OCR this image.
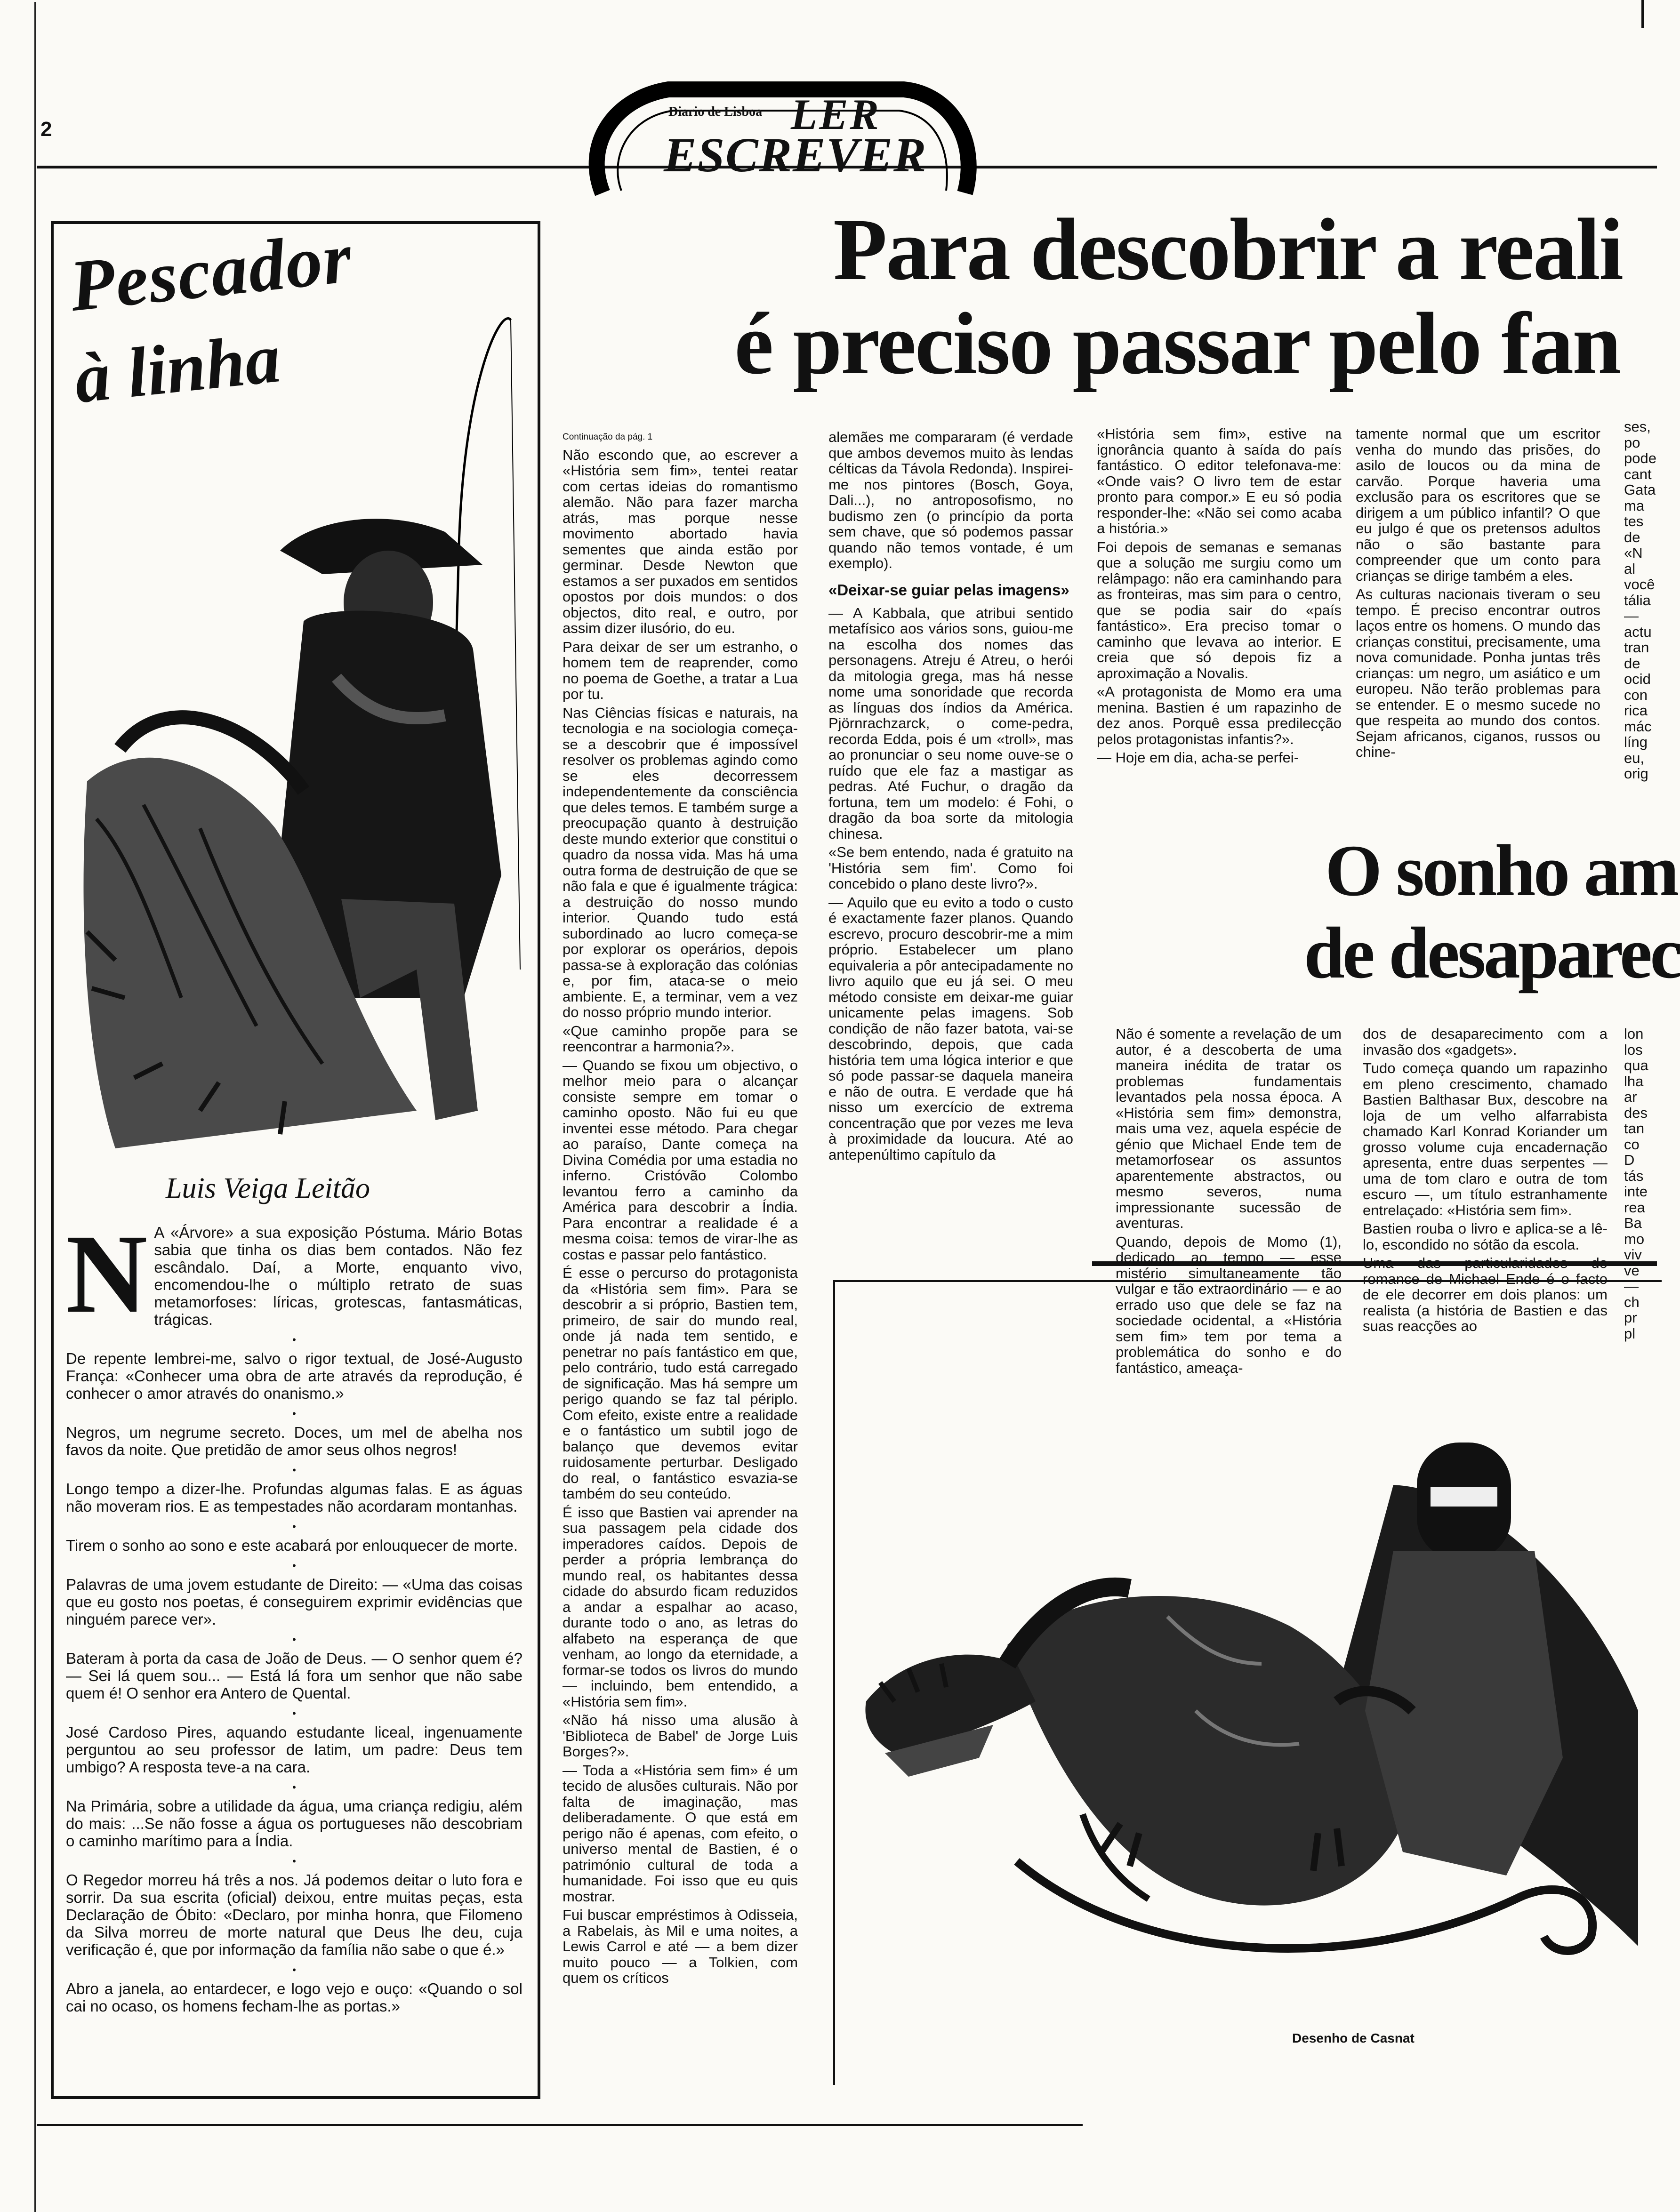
2
Diario de Lisboa LER
ESCREVER
Pescador
à linha
Luis Veiga Leitão
N A «Árvore» a sua exposição Póstuma. Mário Botas sabia que tinha os dias bem contados. Não fez escândalo. Daí, a Morte, enquanto vivo, encomendou-lhe o múltiplo retrato de suas metamorfoses: líricas, grotescas, fantasmáticas, trágicas.

•

De repente lembrei-me, salvo o rigor textual, de José-Augusto França: «Conhecer uma obra de arte através da reprodução, é conhecer o amor através do onanismo.»

•

Negros, um negrume secreto. Doces, um mel de abelha nos favos da noite. Que pretidão de amor seus olhos negros!

•

Longo tempo a dizer-lhe. Profundas algumas falas. E as águas não moveram rios. E as tempestades não acordaram montanhas.

•

Tirem o sonho ao sono e este acabará por enlouquecer de morte.

•

Palavras de uma jovem estudante de Direito: — «Uma das coisas que eu gosto nos poetas, é conseguirem exprimir evidências que ninguém parece ver».

•

Bateram à porta da casa de João de Deus. — O senhor quem é? — Sei lá quem sou... — Está lá fora um senhor que não sabe quem é! O senhor era Antero de Quental.

•

José Cardoso Pires, aquando estudante liceal, ingenuamente perguntou ao seu professor de latim, um padre: Deus tem umbigo? A resposta teve-a na cara.

•

Na Primária, sobre a utilidade da água, uma criança redigiu, além do mais: ...Se não fosse a água os portugueses não descobriam o caminho marítimo para a Índia.

•

O Regedor morreu há três a nos. Já podemos deitar o luto fora e sorrir. Da sua escrita (oficial) deixou, entre muitas peças, esta Declaração de Óbito: «Declaro, por minha honra, que Filomeno da Silva morreu de morte natural que Deus lhe deu, cuja verificação é, que por informação da família não sabe o que é.»

•

Abro a janela, ao entardecer, e logo vejo e ouço: «Quando o sol cai no ocaso, os homens fecham-lhe as portas.»

Para descobrir a reali
é preciso passar pelo fan

Continuação da pág. 1

Não escondo que, ao escrever a «História sem fim», tentei reatar com certas ideias do romantismo alemão. Não para fazer marcha atrás, mas porque nesse movimento abortado havia sementes que ainda estão por germinar. Desde Newton que estamos a ser puxados em sentidos opostos por dois mundos: o dos objectos, dito real, e outro, por assim dizer ilusório, do eu.

Para deixar de ser um estranho, o homem tem de reaprender, como no poema de Goethe, a tratar a Lua por tu.

Nas Ciências físicas e naturais, na tecnologia e na sociologia começa-se a descobrir que é impossível resolver os problemas agindo como se eles decorressem independentemente da consciência que deles temos. E também surge a preocupação quanto à destruição deste mundo exterior que constitui o quadro da nossa vida. Mas há uma outra forma de destruição de que se não fala e que é igualmente trágica: a destruição do nosso mundo interior. Quando tudo está subordinado ao lucro começa-se por explorar os operários, depois passa-se à exploração das colónias e, por fim, ataca-se o meio ambiente. E, a terminar, vem a vez do nosso próprio mundo interior.

«Que caminho propõe para se reencontrar a harmonia?».

— Quando se fixou um objectivo, o melhor meio para o alcançar consiste sempre em tomar o caminho oposto. Não fui eu que inventei esse método. Para chegar ao paraíso, Dante começa na Divina Comédia por uma estadia no inferno. Cristóvão Colombo levantou ferro a caminho da América para descobrir a Índia. Para encontrar a realidade é a mesma coisa: temos de virar-lhe as costas e passar pelo fantástico.

É esse o percurso do protagonista da «História sem fim». Para se descobrir a si próprio, Bastien tem, primeiro, de sair do mundo real, onde já nada tem sentido, e penetrar no país fantástico em que, pelo contrário, tudo está carregado de significação. Mas há sempre um perigo quando se faz tal périplo. Com efeito, existe entre a realidade e o fantástico um subtil jogo de balanço que devemos evitar ruidosamente perturbar. Desligado do real, o fantástico esvazia-se também do seu conteúdo.

É isso que Bastien vai aprender na sua passagem pela cidade dos imperadores caídos. Depois de perder a própria lembrança do mundo real, os habitantes dessa cidade do absurdo ficam reduzidos a andar a espalhar ao acaso, durante todo o ano, as letras do alfabeto na esperança de que venham, ao longo da eternidade, a formar-se todos os livros do mundo — incluindo, bem entendido, a «História sem fim».

«Não há nisso uma alusão à 'Biblioteca de Babel' de Jorge Luis Borges?».

— Toda a «História sem fim» é um tecido de alusões culturais. Não por falta de imaginação, mas deliberadamente. O que está em perigo não é apenas, com efeito, o universo mental de Bastien, é o património cultural de toda a humanidade. Foi isso que eu quis mostrar.

Fui buscar empréstimos à Odisseia, a Rabelais, às Mil e uma noites, a Lewis Carrol e até — a bem dizer muito pouco — a Tolkien, com quem os críticos

alemães me compararam (é verdade que ambos devemos muito às lendas célticas da Távola Redonda). Inspirei-me nos pintores (Bosch, Goya, Dali...), no antroposofismo, no budismo zen (o princípio da porta sem chave, que só podemos passar quando não temos vontade, é um exemplo).

«Deixar-se guiar pelas imagens»

— A Kabbala, que atribui sentido metafísico aos vários sons, guiou-me na escolha dos nomes das personagens. Atreju é Atreu, o herói da mitologia grega, mas há nesse nome uma sonoridade que recorda as línguas dos índios da América. Pjörnrachzarck, o come-pedra, recorda Edda, pois é um «troll», mas ao pronunciar o seu nome ouve-se o ruído que ele faz a mastigar as pedras. Até Fuchur, o dragão da fortuna, tem um modelo: é Fohi, o dragão da boa sorte da mitologia chinesa.

«Se bem entendo, nada é gratuito na 'História sem fim'. Como foi concebido o plano deste livro?».

— Aquilo que eu evito a todo o custo é exactamente fazer planos. Quando escrevo, procuro descobrir-me a mim próprio. Estabelecer um plano equivaleria a pôr antecipadamente no livro aquilo que eu já sei. O meu método consiste em deixar-me guiar unicamente pelas imagens. Sob condição de não fazer batota, vai-se descobrindo, depois, que cada história tem uma lógica interior e que só pode passar-se daquela maneira e não de outra. E verdade que há nisso um exercício de extrema concentração que por vezes me leva à proximidade da loucura. Até ao antepenúltimo capítulo da

«História sem fim», estive na ignorância quanto à saída do país fantástico. O editor telefonava-me: «Onde vais? O livro tem de estar pronto para compor.» E eu só podia responder-lhe: «Não sei como acaba a história.»

Foi depois de semanas e semanas que a solução me surgiu como um relâmpago: não era caminhando para as fronteiras, mas sim para o centro, que se podia sair do «país fantástico». Era preciso tomar o caminho que levava ao interior. E creia que só depois fiz a aproximação a Novalis.

«A protagonista de Momo era uma menina. Bastien é um rapazinho de dez anos. Porquê essa predilecção pelos protagonistas infantis?».

— Hoje em dia, acha-se perfei-

tamente normal que um escritor venha do mundo das prisões, do asilo de loucos ou da mina de carvão. Porque haveria uma exclusão para os escritores que se dirigem a um público infantil? O que eu julgo é que os pretensos adultos não o são bastante para compreender que um conto para crianças se dirige também a eles.

As culturas nacionais tiveram o seu tempo. É preciso encontrar outros laços entre os homens. O mundo das crianças constitui, precisamente, uma nova comunidade. Ponha juntas três crianças: um negro, um asiático e um europeu. Não terão problemas para se entender. E o mesmo sucede no que respeita ao mundo dos contos. Sejam africanos, ciganos, russos ou chine-

ses,
po
pode
cant
Gata
ma
tes
de
«N
al
você
tália
—
actu
tran
de
ocid
con
rica
mác
líng
eu,
orig
O sonho am
de desaparec

Não é somente a revelação de um autor, é a descoberta de uma maneira inédita de tratar os problemas fundamentais levantados pela nossa época. A «História sem fim» demonstra, mais uma vez, aquela espécie de génio que Michael Ende tem de metamorfosear os assuntos aparentemente abstractos, ou mesmo severos, numa impressionante sucessão de aventuras.

Quando, depois de Momo (1), dedicado ao tempo — esse mistério simultaneamente tão vulgar e tão extraordinário — e ao errado uso que dele se faz na sociedade ocidental, a «História sem fim» tem por tema a problemática do sonho e do fantástico, ameaça-

dos de desaparecimento com a invasão dos «gadgets».

Tudo começa quando um rapazinho em pleno crescimento, chamado Bastien Balthasar Bux, descobre na loja de um velho alfarrabista chamado Karl Konrad Koriander um grosso volume cuja encadernação apresenta, entre duas serpentes — uma de tom claro e outra de tom escuro —, um título estranhamente entrelaçado: «História sem fim».

Bastien rouba o livro e aplica-se a lê-lo, escondido no sótão da escola.

Uma das particularidades do romance de Michael Ende é o facto de ele decorrer em dois planos: um realista (a história de Bastien e das suas reacções ao

lon
los
qua
lha
ar
des
tan
co
D
tás
inte
rea
Ba
mo
viv
ve
—
ch
pr
pl
Desenho de Casnat
